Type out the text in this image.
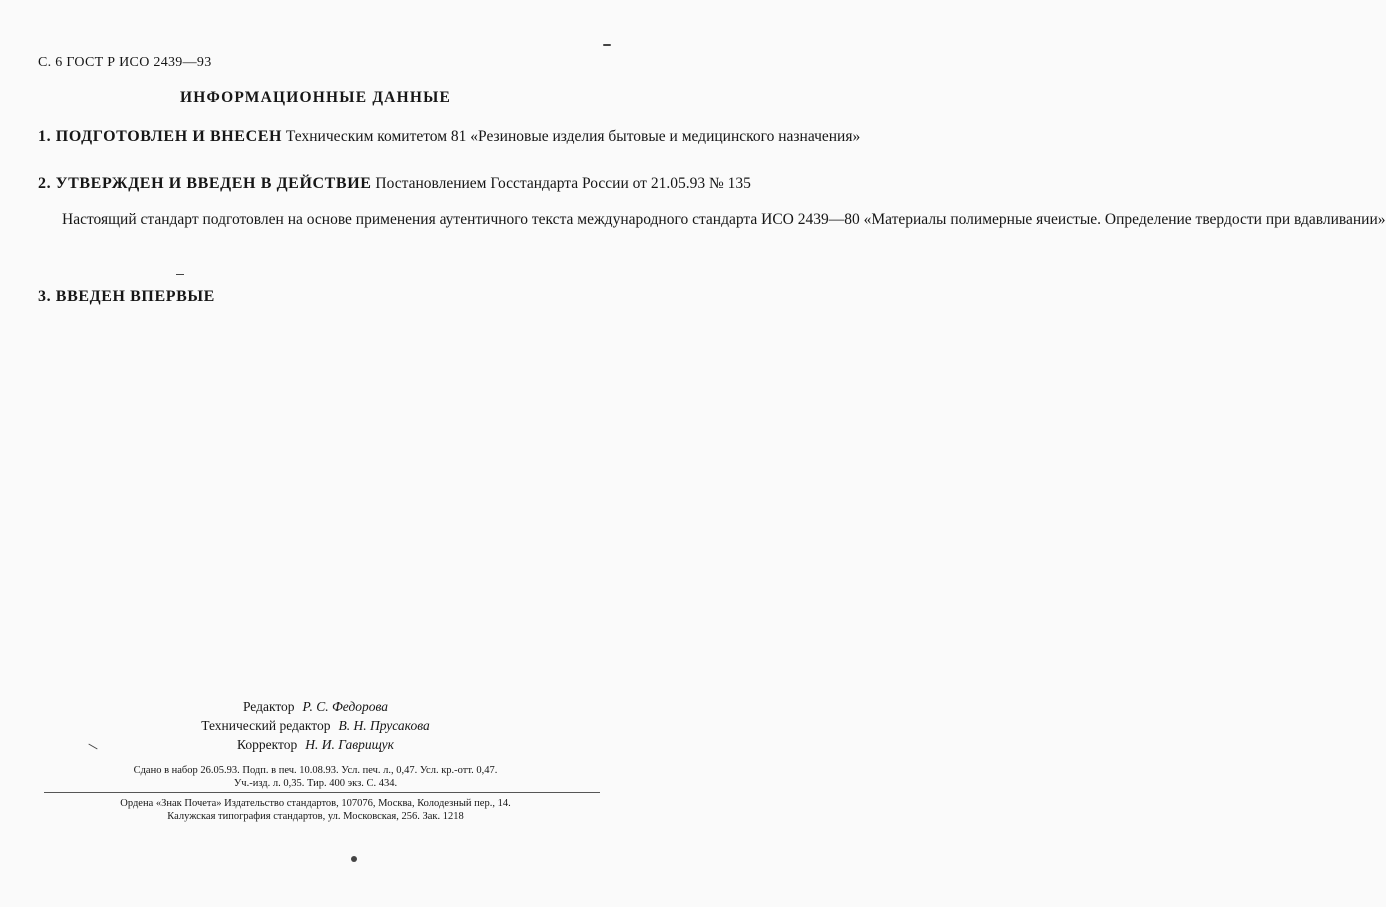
С. 6 ГОСТ Р ИСО 2439—93
ИНФОРМАЦИОННЫЕ ДАННЫЕ
1. ПОДГОТОВЛЕН И ВНЕСЕН Техническим комитетом 81 «Резиновые изделия бытовые и медицинского назначения»
2. УТВЕРЖДЕН И ВВЕДЕН В ДЕЙСТВИЕ Постановлением Госстандарта России от 21.05.93 № 135
Настоящий стандарт подготовлен на основе применения аутентичного текста международного стандарта ИСО 2439—80 «Материалы полимерные ячеистые. Определение твердости при вдавливании»
3. ВВЕДЕН ВПЕРВЫЕ
Редактор Р. С. Федорова
Технический редактор В. Н. Прусакова
Корректор Н. И. Гаврищук
Сдано в набор 26.05.93. Подп. в печ. 10.08.93. Усл. печ. л., 0,47. Усл. кр.-отт. 0,47.
Уч.-изд. л. 0,35. Тир. 400 экз. С. 434.
Ордена «Знак Почета» Издательство стандартов, 107076, Москва, Колодезный пер., 14.
Калужская типография стандартов, ул. Московская, 256. Зак. 1218
